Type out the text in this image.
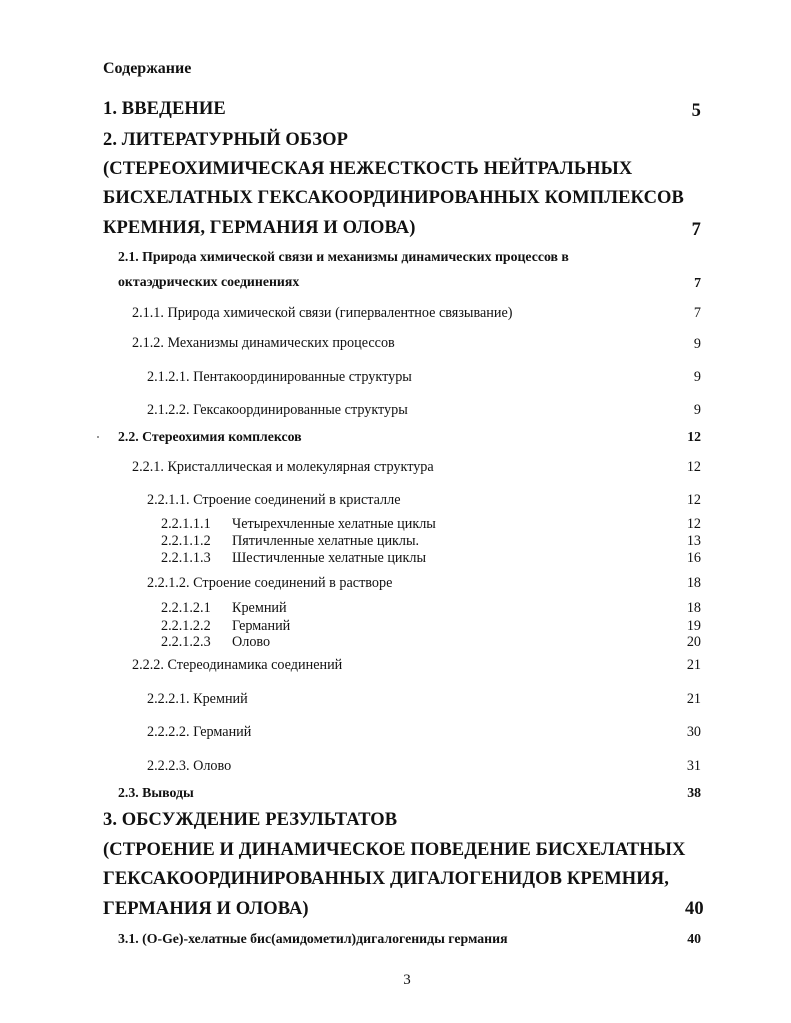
Содержание
1. ВВЕДЕНИЕ	5
2. ЛИТЕРАТУРНЫЙ ОБЗОР
(СТЕРЕОХИМИЧЕСКАЯ НЕЖЕСТКОСТЬ НЕЙТРАЛЬНЫХ
БИСХЕЛАТНЫХ ГЕКСАКООРДИНИРОВАННЫХ КОМПЛЕКСОВ
КРЕМНИЯ, ГЕРМАНИЯ И ОЛОВА)	7
2.1. Природа химической связи и механизмы динамических процессов в
октаэдрических соединениях	7
2.1.1. Природа химической связи (гипервалентное связывание)	7
2.1.2. Механизмы динамических процессов	9
2.1.2.1. Пентакоординированные структуры	9
2.1.2.2. Гексакоординированные структуры	9
2.2. Стереохимия комплексов	12
2.2.1. Кристаллическая и молекулярная структура	12
2.2.1.1. Строение соединений в кристалле	12
2.2.1.1.1 Четырехчленные хелатные циклы	12
2.2.1.1.2 Пятичленные хелатные циклы.	13
2.2.1.1.3 Шестичленные хелатные циклы	16
2.2.1.2. Строение соединений в растворе	18
2.2.1.2.1 Кремний	18
2.2.1.2.2 Германий	19
2.2.1.2.3 Олово	20
2.2.2. Стереодинамика соединений	21
2.2.2.1. Кремний	21
2.2.2.2. Германий	30
2.2.2.3. Олово	31
2.3. Выводы	38
3. ОБСУЖДЕНИЕ РЕЗУЛЬТАТОВ
(СТРОЕНИЕ И ДИНАМИЧЕСКОЕ ПОВЕДЕНИЕ БИСХЕЛАТНЫХ
ГЕКСАКООРДИНИРОВАННЫХ ДИГАЛОГЕНИДОВ КРЕМНИЯ,
ГЕРМАНИЯ И ОЛОВА)	40
3.1. (O-Ge)-хелатные бис(амидометил)дигалогениды германия	40
3
